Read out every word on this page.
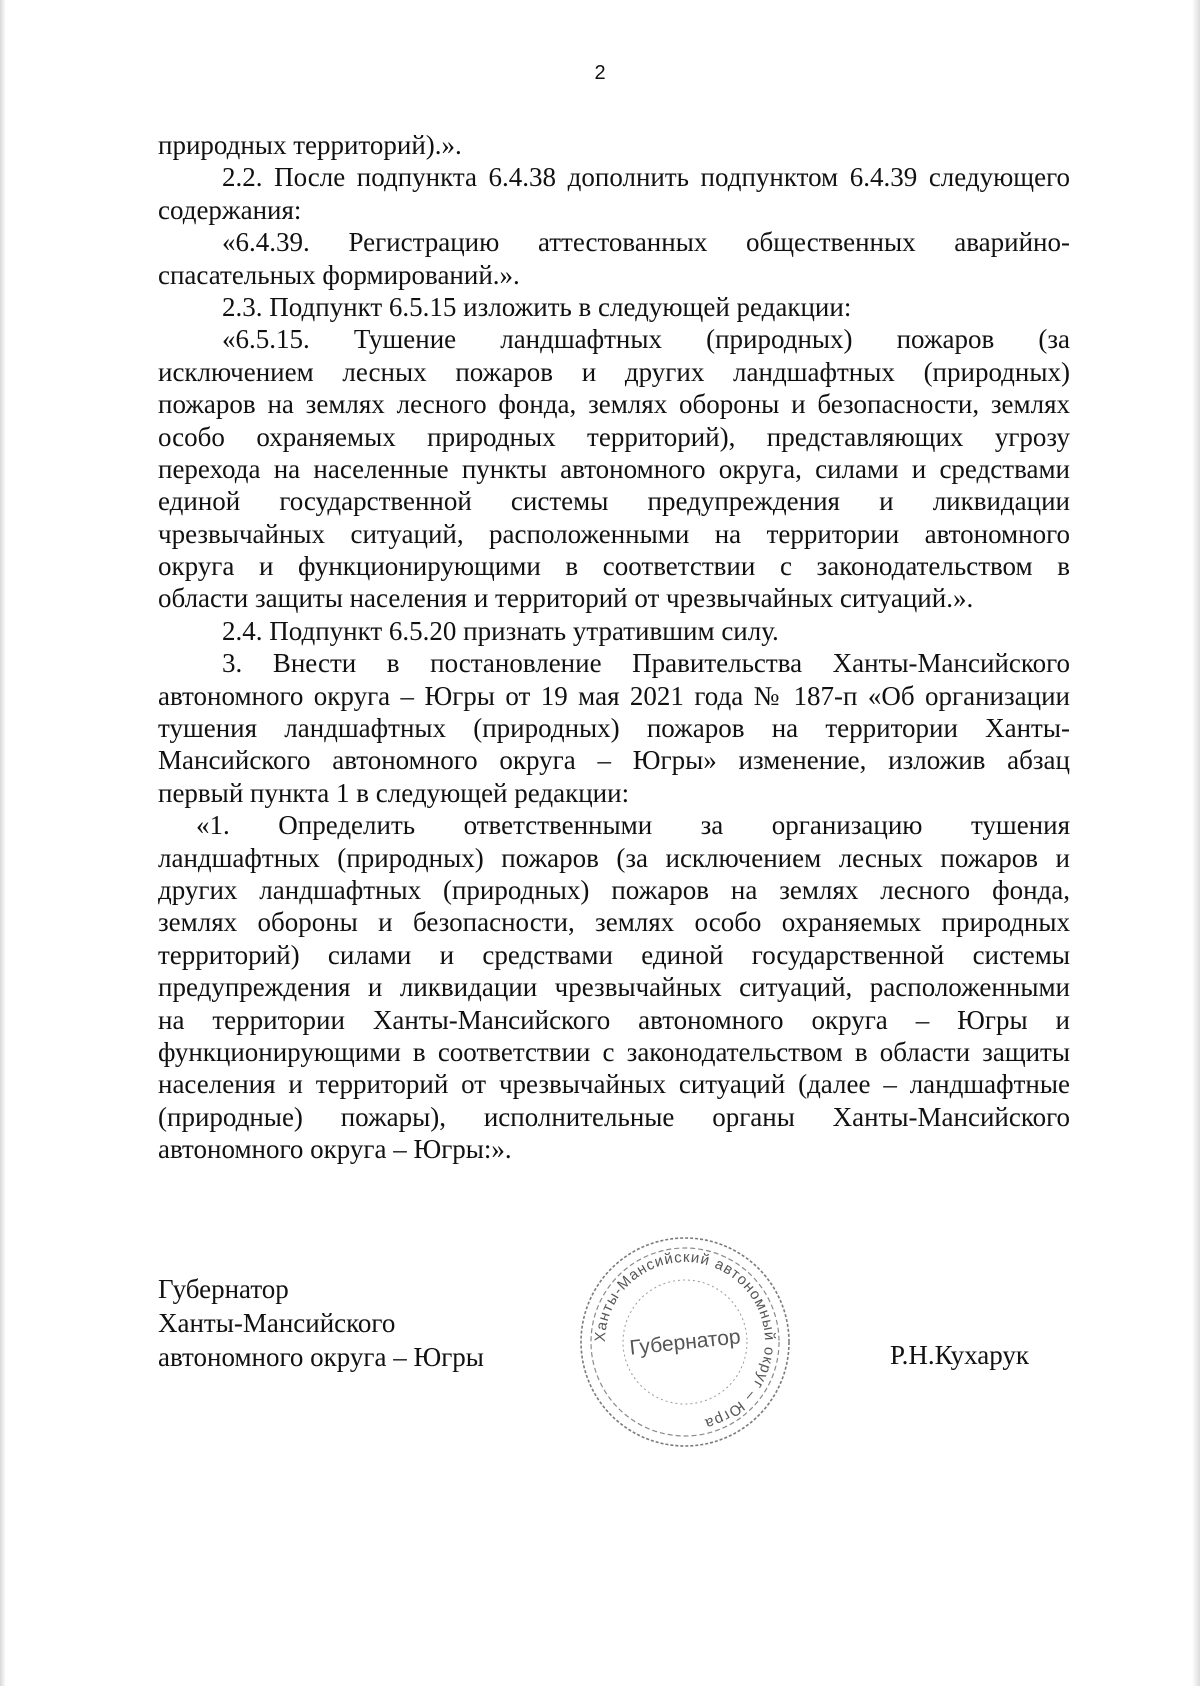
2
природных территорий).».
2.2. После подпункта 6.4.38 дополнить подпунктом 6.4.39 следующего
содержания:
«6.4.39. Регистрацию аттестованных общественных аварийно-
спасательных формирований.».
2.3. Подпункт 6.5.15 изложить в следующей редакции:
«6.5.15. Тушение ландшафтных (природных) пожаров (за
исключением лесных пожаров и других ландшафтных (природных)
пожаров на землях лесного фонда, землях обороны и безопасности, землях
особо охраняемых природных территорий), представляющих угрозу
перехода на населенные пункты автономного округа, силами и средствами
единой государственной системы предупреждения и ликвидации
чрезвычайных ситуаций, расположенными на территории автономного
округа и функционирующими в соответствии с законодательством в
области защиты населения и территорий от чрезвычайных ситуаций.».
2.4. Подпункт 6.5.20 признать утратившим силу.
3. Внести в постановление Правительства Ханты-Мансийского
автономного округа – Югры от 19 мая 2021 года № 187-п «Об организации
тушения ландшафтных (природных) пожаров на территории Ханты-
Мансийского автономного округа – Югры» изменение, изложив абзац
первый пункта 1 в следующей редакции:
«1. Определить ответственными за организацию тушения
ландшафтных (природных) пожаров (за исключением лесных пожаров и
других ландшафтных (природных) пожаров на землях лесного фонда,
землях обороны и безопасности, землях особо охраняемых природных
территорий) силами и средствами единой государственной системы
предупреждения и ликвидации чрезвычайных ситуаций, расположенными
на территории Ханты-Мансийского автономного округа – Югры и
функционирующими в соответствии с законодательством в области защиты
населения и территорий от чрезвычайных ситуаций (далее – ландшафтные
(природные) пожары), исполнительные органы Ханты-Мансийского
автономного округа – Югры:».
Губернатор
Ханты-Мансийского
автономного округа – Югры
Ханты-Мансийский автономный округ – Югра
Губернатор	Р.Н.Кухарук
